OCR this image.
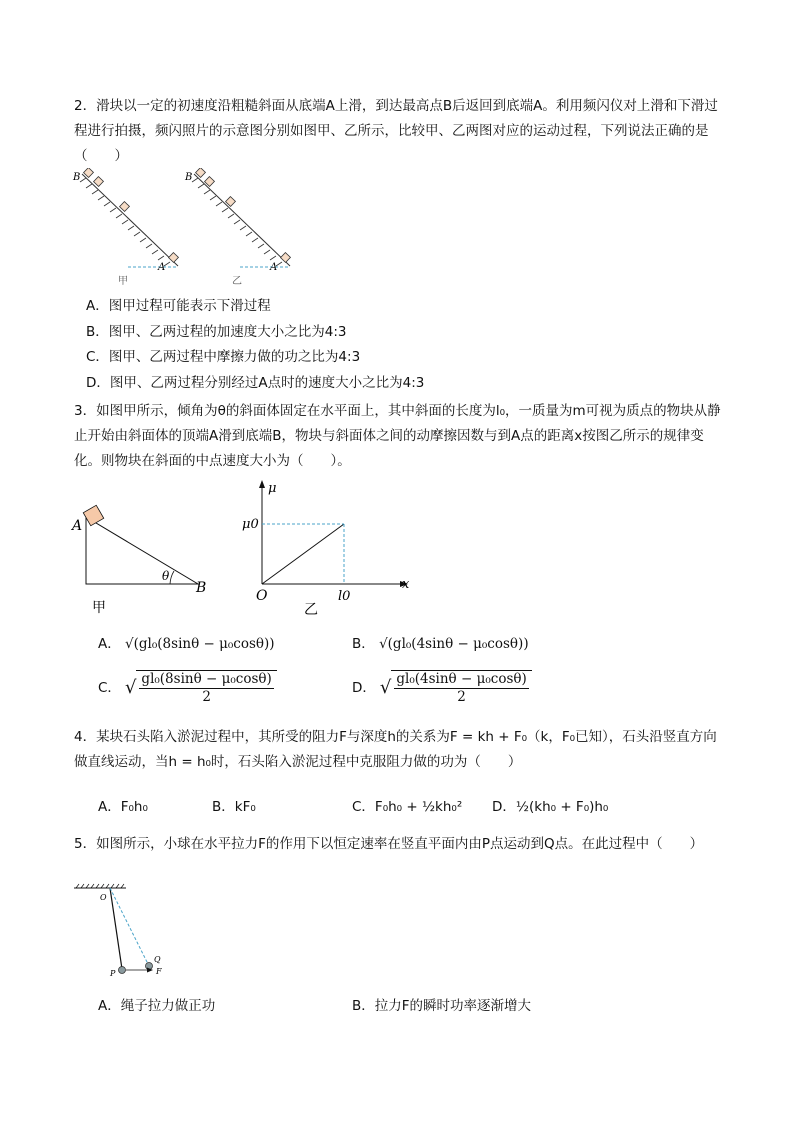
2．滑块以一定的初速度沿粗糙斜面从底端A上滑，到达最高点B后返回到底端A。利用频闪仪对上滑和下滑过程进行拍摄，频闪照片的示意图分别如图甲、乙所示，比较甲、乙两图对应的运动过程，下列说法正确的是（　　）
B
A
甲
B
A
乙
A．图甲过程可能表示下滑过程
B．图甲、乙两过程的加速度大小之比为4:3
C．图甲、乙两过程中摩擦力做的功之比为4:3
D．图甲、乙两过程分别经过A点时的速度大小之比为4:3
3．如图甲所示，倾角为θ的斜面体固定在水平面上，其中斜面的长度为l₀，一质量为m可视为质点的物块从静止开始由斜面体的顶端A滑到底端B，物块与斜面体之间的动摩擦因数与到A点的距离x按图乙所示的规律变化。则物块在斜面的中点速度大小为（　　）。
A
B
θ
甲
μ
μ0
O	l0
x
乙
A． √(gl₀(8sinθ − μ₀cosθ))	B． √(gl₀(4sinθ − μ₀cosθ))
C． √ $\frac{\text{gl₀(8sinθ − μ₀cosθ)}}{2}$	D． √ $\frac{\text{gl₀(4sinθ − μ₀cosθ)}}{2}$
4．某块石头陷入淤泥过程中，其所受的阻力F与深度h的关系为F = kh + F₀（k，F₀已知），石头沿竖直方向做直线运动，当h = h₀时，石头陷入淤泥过程中克服阻力做的功为（　　）
A．F₀h₀	B．kF₀	C．F₀h₀ + ½kh₀² D．½(kh₀ + F₀)h₀
5．如图所示，小球在水平拉力F的作用下以恒定速率在竖直平面内由P点运动到Q点。在此过程中（　　）
O
P
Q
F
A．绳子拉力做正功	B．拉力F的瞬时功率逐渐增大
